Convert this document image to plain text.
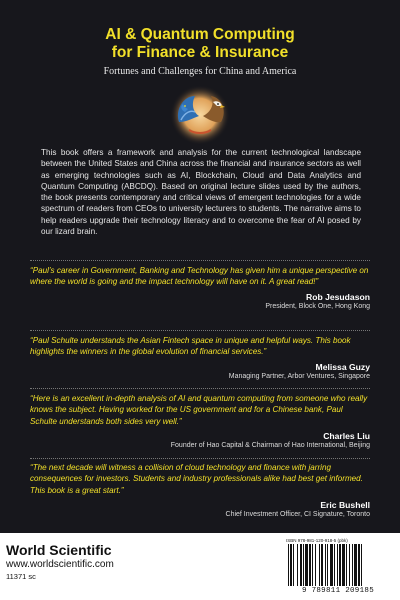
AI & Quantum Computing
for Finance & Insurance
Fortunes and Challenges for China and America

This book offers a framework and analysis for the current technological landscape between the United States and China across the financial and insurance sectors as well as emerging technologies such as AI, Blockchain, Cloud and Data Analytics and Quantum Computing (ABCDQ). Based on original lecture slides used by the authors, the book presents contemporary and critical views of emergent technologies for a wide spectrum of readers from CEOs to university lecturers to students. The narrative aims to help readers upgrade their technology literacy and to overcome the fear of AI posed by our lizard brain.

“Paul’s career in Government, Banking and Technology has given him a unique perspective on where the world is going and the impact technology will have on it. A great read!”

Rob Jesudason

President, Block One, Hong Kong

“Paul Schulte understands the Asian Fintech space in unique and helpful ways. This book highlights the winners in the global evolution of financial services.”

Melissa Guzy

Managing Partner, Arbor Ventures, Singapore

“Here is an excellent in-depth analysis of AI and quantum computing from someone who really knows the subject. Having worked for the US government and for a Chinese bank, Paul Schulte understands both sides very well.”

Charles Liu

Founder of Hao Capital & Chairman of Hao International, Beijing

“The next decade will witness a collision of cloud technology and finance with jarring consequences for investors. Students and industry professionals alike had best get informed. This book is a great start.”

Eric Bushell

Chief Investment Officer, CI Signature, Toronto

World Scientific
www.worldscientific.com
11371 sc
ISBN 978-981-120-918-5 (pbk)
9 789811 209185
